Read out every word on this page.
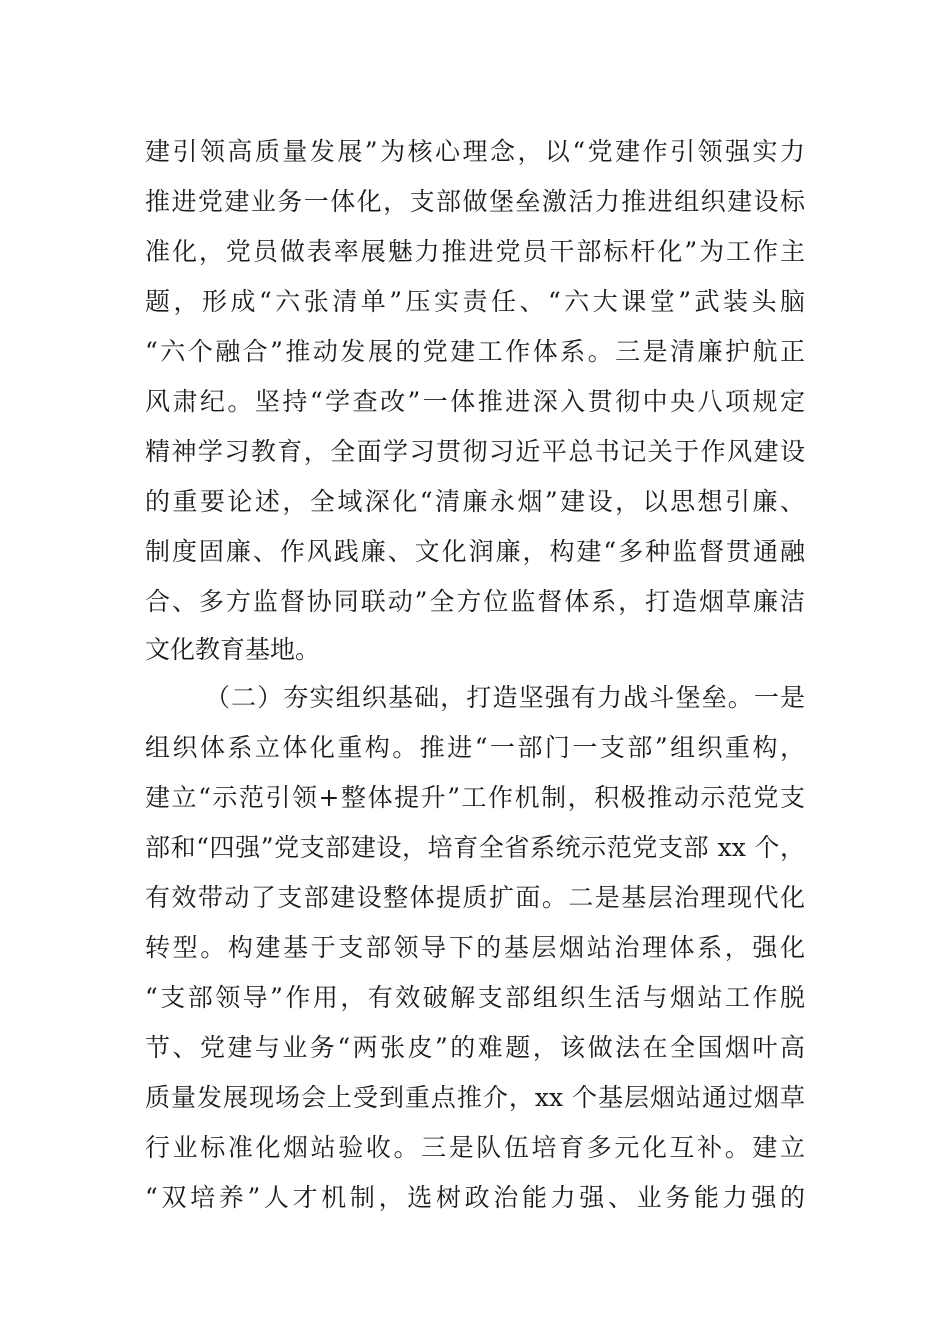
建引领高质量发展”为核心理念，以“党建作引领强实力
推进党建业务一体化，支部做堡垒激活力推进组织建设标
准化，党员做表率展魅力推进党员干部标杆化”为工作主
题，形成“六张清单”压实责任、“六大课堂”武装头脑
“六个融合”推动发展的党建工作体系。三是清廉护航正
风肃纪。坚持“学查改”一体推进深入贯彻中央八项规定
精神学习教育，全面学习贯彻习近平总书记关于作风建设
的重要论述，全域深化“清廉永烟”建设，以思想引廉、
制度固廉、作风践廉、文化润廉，构建“多种监督贯通融
合、多方监督协同联动”全方位监督体系，打造烟草廉洁
文化教育基地。
（二）夯实组织基础，打造坚强有力战斗堡垒。一是
组织体系立体化重构。推进“一部门一支部”组织重构，
建立“示范引领+整体提升”工作机制，积极推动示范党支
部和“四强”党支部建设，培育全省系统示范党支部 xx 个，
有效带动了支部建设整体提质扩面。二是基层治理现代化
转型。构建基于支部领导下的基层烟站治理体系，强化
“支部领导”作用，有效破解支部组织生活与烟站工作脱
节、党建与业务“两张皮”的难题，该做法在全国烟叶高
质量发展现场会上受到重点推介，xx 个基层烟站通过烟草
行业标准化烟站验收。三是队伍培育多元化互补。建立
“双培养”人才机制，选树政治能力强、业务能力强的
